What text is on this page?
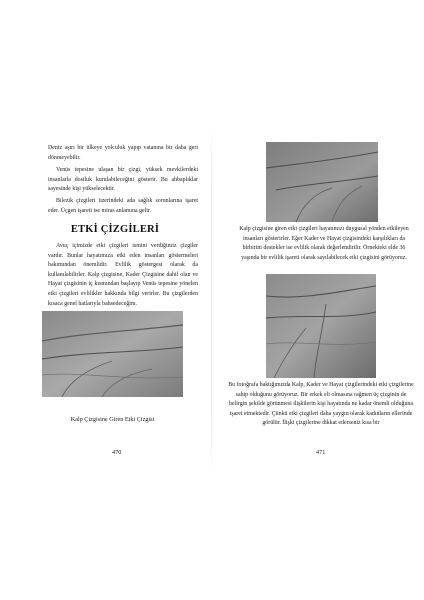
Deniz aşırı bir ülkeye yolculuk yapıp vatanına bir daha geri dönmeyebilir.

Venüs tepesine ulaşan bir çizgi, yüksek mevkilerdeki insanlarla dostluk kurulabileceğini gösterir. Bu ahbaplıklar sayesinde kişi yükselecektir.

Bilezik çizgileri üzerindeki ada sağlık sorunlarına işaret eder. Üçgen işareti ise miras anlamına gelir.

ETKİ ÇİZGİLERİ

Avuç içimizde etki çizgileri ismini verdiğimiz çizgiler vardır. Bunlar hayatımıza etki eden insanları göstermeleri bakımından önemlidir. Evlilik göstergesi olarak da kullanılabilirler. Kalp çizgisine, Kader Çizgisine dahil olan ve Hayat çizgisinin iç kısmından başlayıp Venüs tepesine yönelen etki çizgileri evlilikler hakkında bilgi verirler. Bu çizgilerden kısaca genel hatlarıyla bahsedeceğim.

Kalp Çizgisine Giren Etki Çizgisi
470

Kalp çizgisine giren etki çizgileri hayatımızı duygusal yönden etkileyen insanları gösterirler. Eğer Kader ve Hayat çizgisindeki karşılıkları da birbirini destekler ise evlilik olarak değerlendirilir. Örnekteki elde 36 yaşında bir evlilik işareti olarak sayılabilecek etki çizgisini görüyoruz.

Bu fotoğrafa baktığımızda Kalp, Kader ve Hayat çizgilerindeki etki çizgilerine sahip olduğunu görüyoruz. Bir erkek eli olmasına rağmen üç çizginin de belirgin şekilde görünmesi ilişkilerin kişi hayatında ne kadar önemli olduğuna işaret etmektedir. Çünkü etki çizgileri daha yaygın olarak kadınların ellerinde görülür. İlişki çizgilerine dikkat ederseniz kısa bir

471
